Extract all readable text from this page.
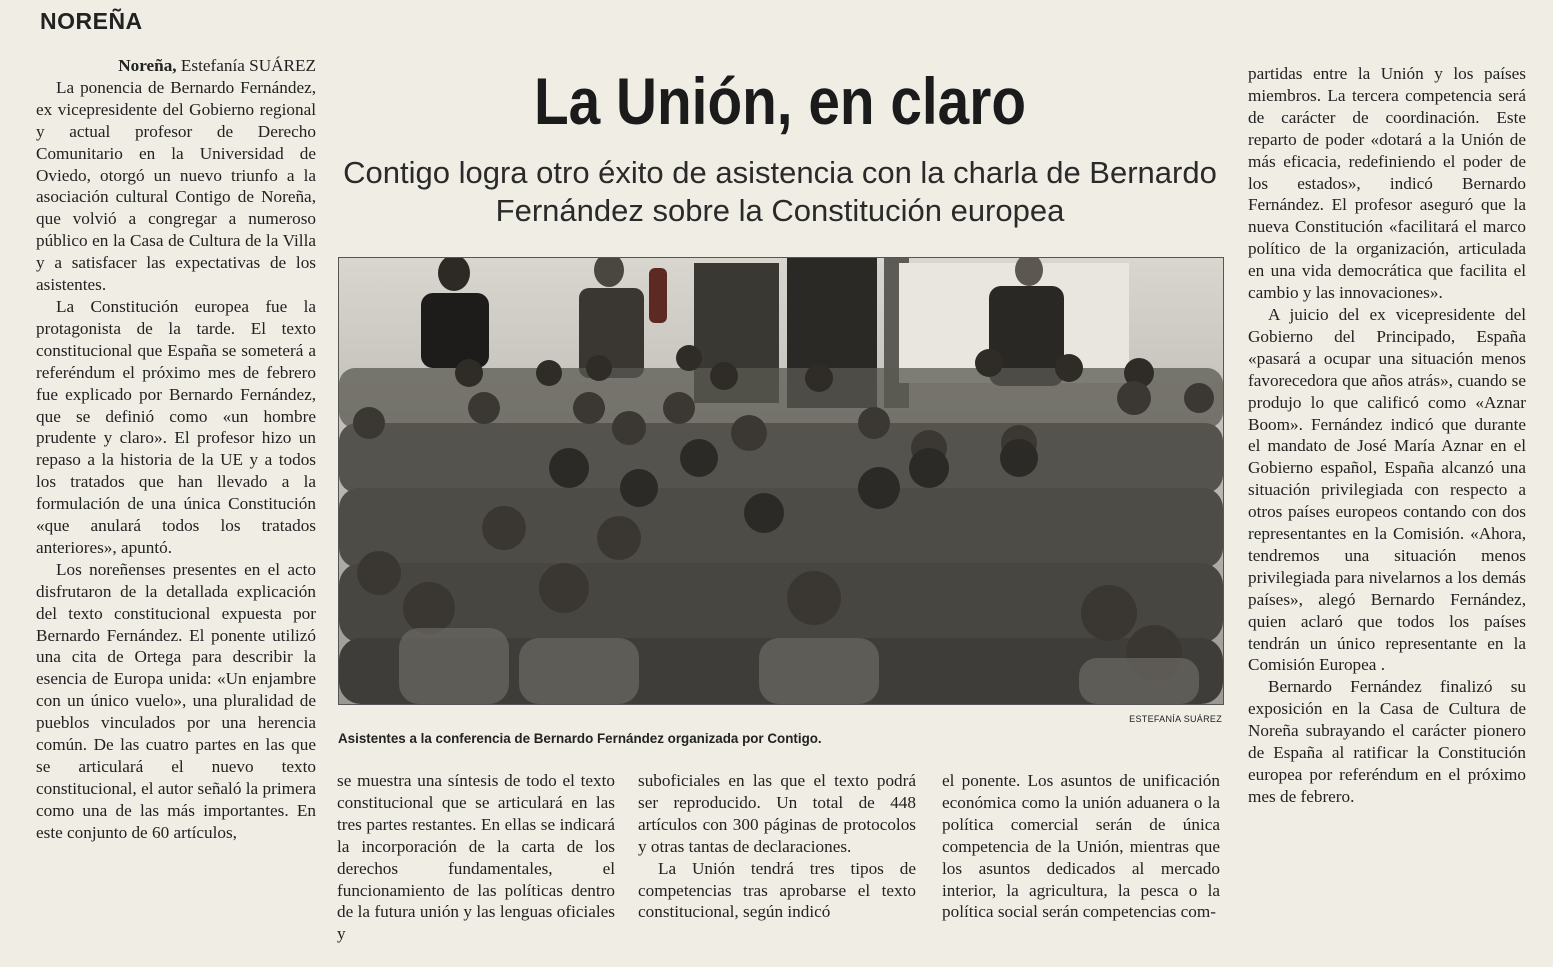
NOREÑA

Noreña, Estefanía SUÁREZ

La ponencia de Bernardo Fernández, ex vicepresidente del Gobierno regional y actual profesor de Derecho Comunitario en la Universidad de Oviedo, otorgó un nuevo triunfo a la asociación cultural Contigo de Noreña, que volvió a congregar a numeroso público en la Casa de Cultura de la Villa y a satisfacer las expectativas de los asistentes.

La Constitución europea fue la protagonista de la tarde. El texto constitucional que España se someterá a referéndum el próximo mes de febrero fue explicado por Bernardo Fernández, que se definió como «un hombre prudente y claro». El profesor hizo un repaso a la historia de la UE y a todos los tratados que han llevado a la formulación de una única Constitución «que anulará todos los tratados anteriores», apuntó.

Los noreñenses presentes en el acto disfrutaron de la detallada explicación del texto constitucional expuesta por Bernardo Fernández. El ponente utilizó una cita de Ortega para describir la esencia de Europa unida: «Un enjambre con un único vuelo», una pluralidad de pueblos vinculados por una herencia común. De las cuatro partes en las que se articulará el nuevo texto constitucional, el autor señaló la primera como una de las más importantes. En este conjunto de 60 artículos,

La Unión, en claro
Contigo logra otro éxito de asistencia con la charla de Bernardo Fernández sobre la Constitución europea
ESTEFANÍA SUÁREZ
Asistentes a la conferencia de Bernardo Fernández organizada por Contigo.

se muestra una síntesis de todo el texto constitucional que se articulará en las tres partes restantes. En ellas se indicará la incorporación de la carta de los derechos fundamentales, el funcionamiento de las políticas dentro de la futura unión y las lenguas oficiales y

suboficiales en las que el texto podrá ser reproducido. Un total de 448 artículos con 300 páginas de protocolos y otras tantas de declaraciones.

La Unión tendrá tres tipos de competencias tras aprobarse el texto constitucional, según indicó

el ponente. Los asuntos de unificación económica como la unión aduanera o la política comercial serán de única competencia de la Unión, mientras que los asuntos dedicados al mercado interior, la agricultura, la pesca o la política social serán competencias com-

partidas entre la Unión y los países miembros. La tercera competencia será de carácter de coordinación. Este reparto de poder «dotará a la Unión de más eficacia, redefiniendo el poder de los estados», indicó Bernardo Fernández. El profesor aseguró que la nueva Constitución «facilitará el marco político de la organización, articulada en una vida democrática que facilita el cambio y las innovaciones».

A juicio del ex vicepresidente del Gobierno del Principado, España «pasará a ocupar una situación menos favorecedora que años atrás», cuando se produjo lo que calificó como «Aznar Boom». Fernández indicó que durante el mandato de José María Aznar en el Gobierno español, España alcanzó una situación privilegiada con respecto a otros países europeos contando con dos representantes en la Comisión. «Ahora, tendremos una situación menos privilegiada para nivelarnos a los demás países», alegó Bernardo Fernández, quien aclaró que todos los países tendrán un único representante en la Comisión Europea .

Bernardo Fernández finalizó su exposición en la Casa de Cultura de Noreña subrayando el carácter pionero de España al ratificar la Constitución europea por referéndum en el próximo mes de febrero.
